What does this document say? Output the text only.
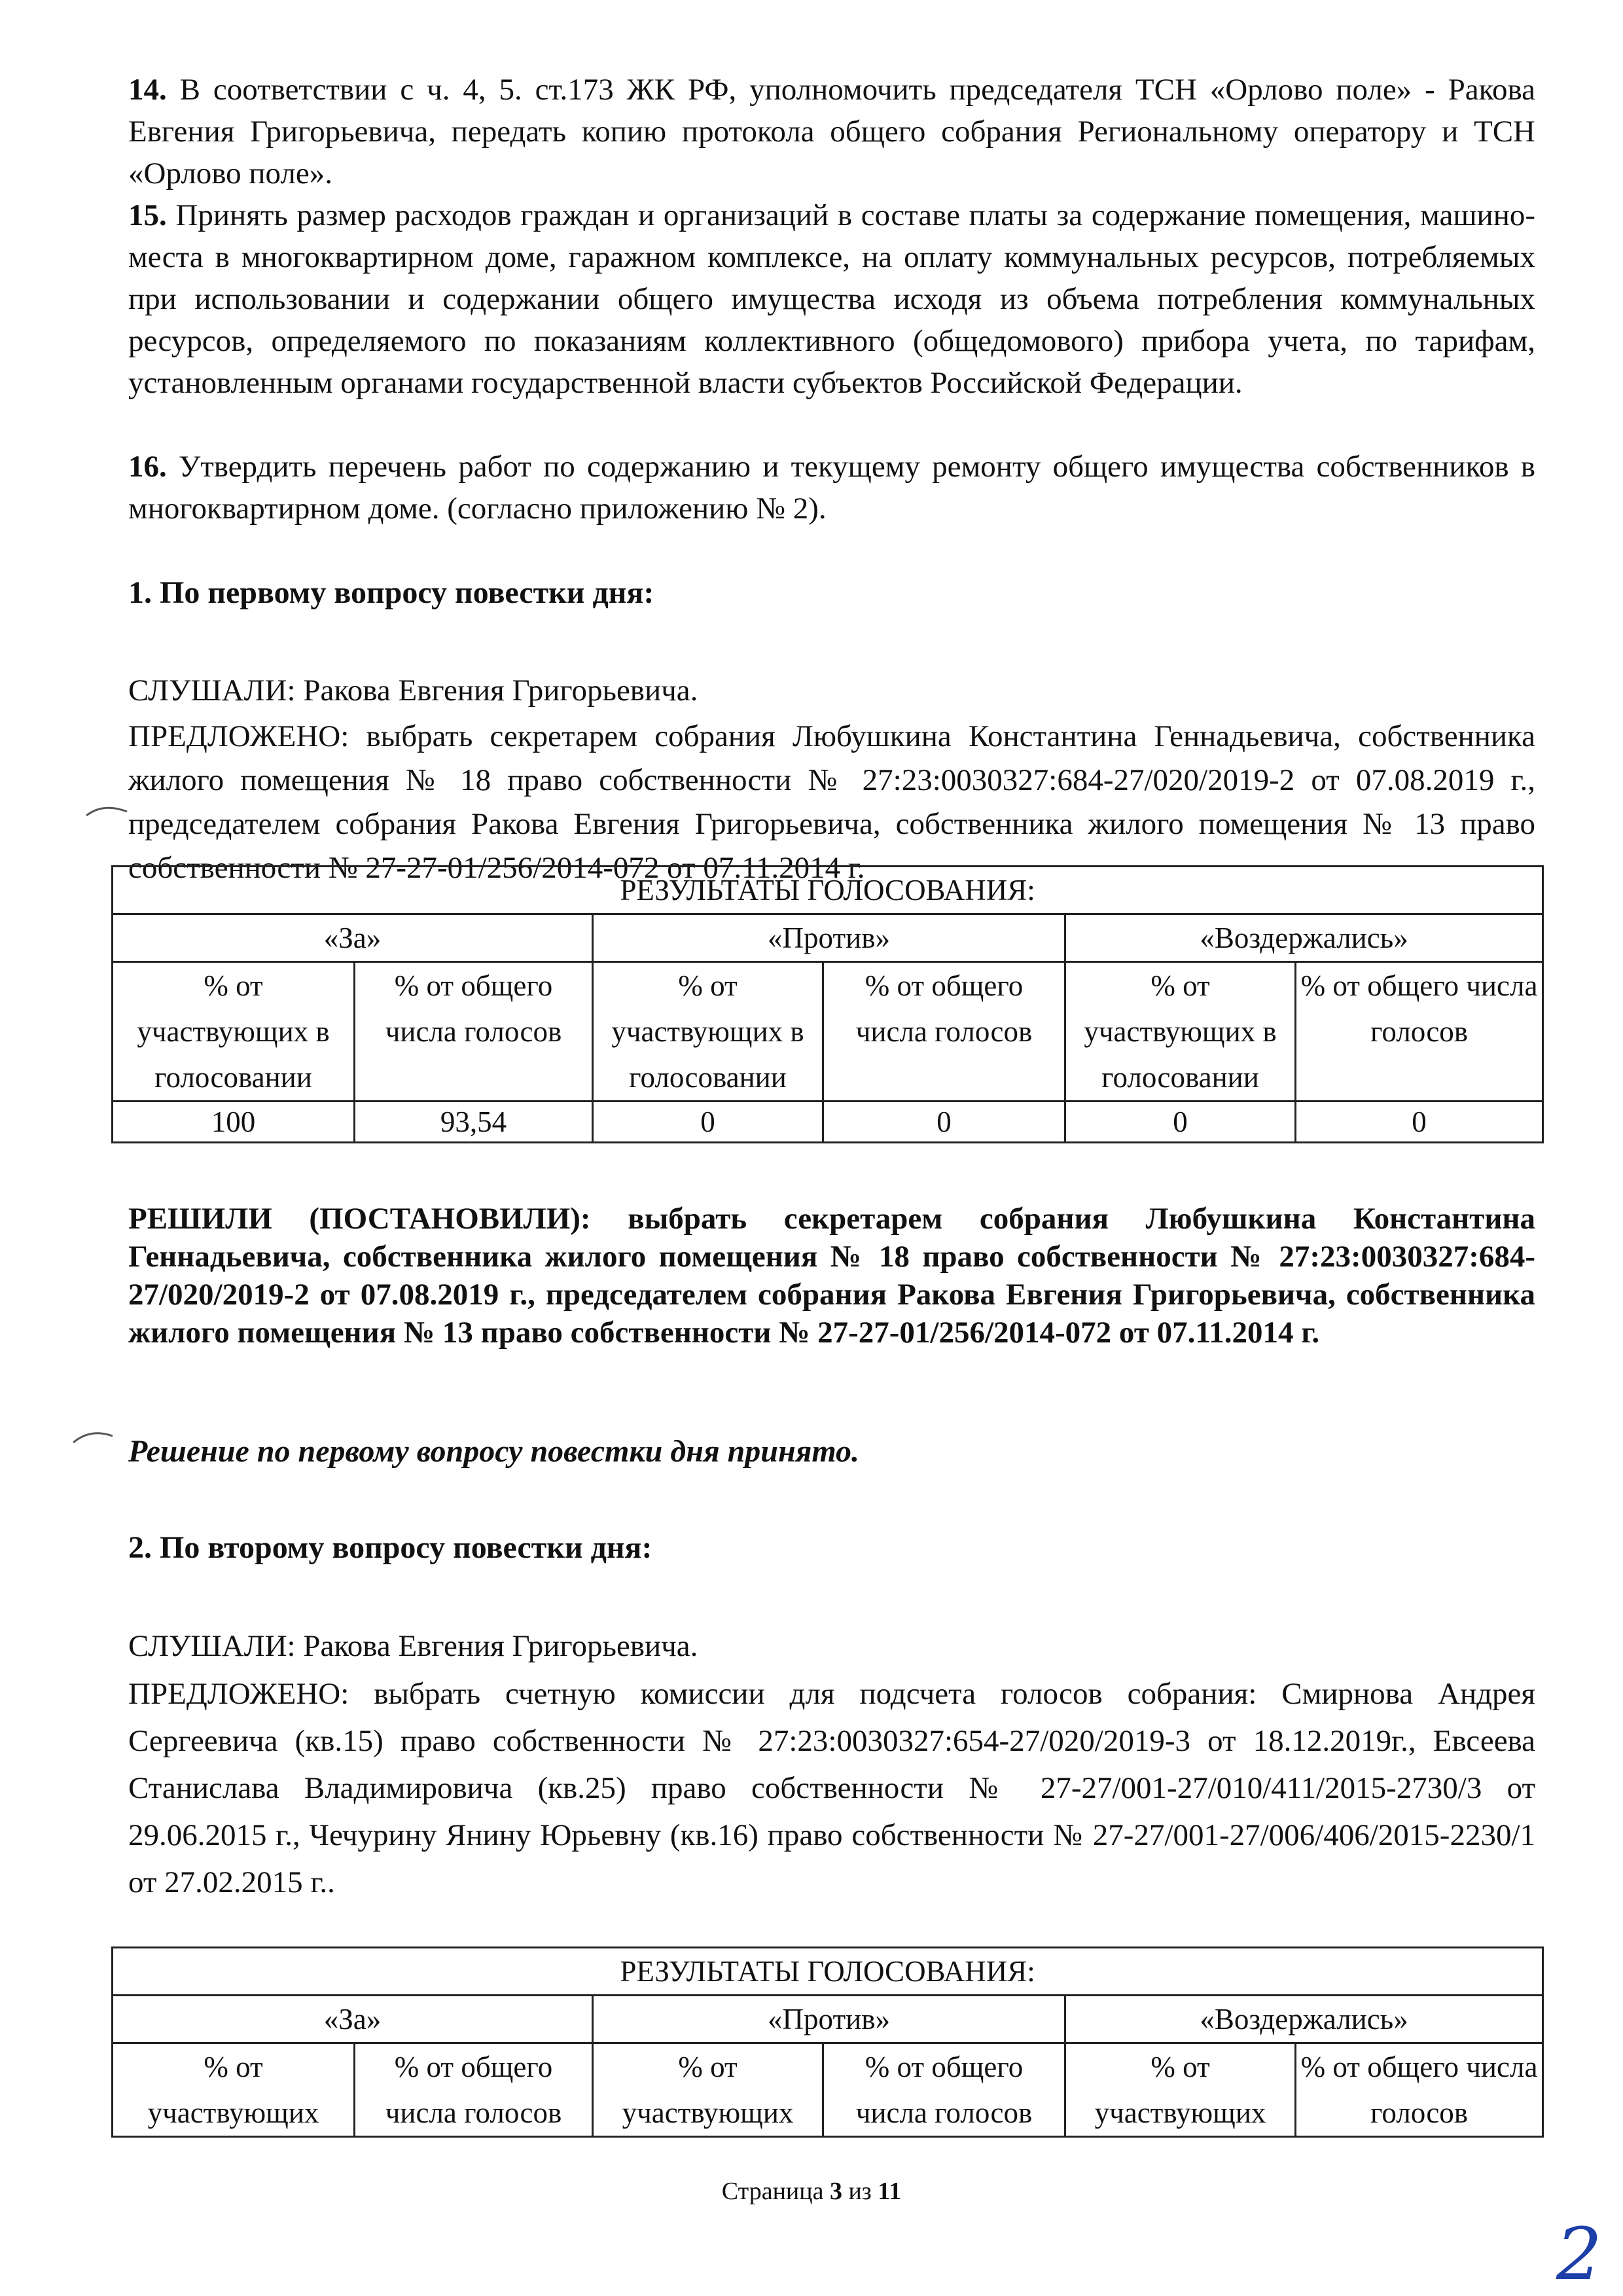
14. В соответствии с ч. 4, 5. ст.173 ЖК РФ, уполномочить председателя ТСН «Орлово поле» - Ракова Евгения Григорьевича, передать копию протокола общего собрания Региональному оператору и ТСН «Орлово поле».

15. Принять размер расходов граждан и организаций в составе платы за содержание помещения, машино-места в многоквартирном доме, гаражном комплексе, на оплату коммунальных ресурсов, потребляемых при использовании и содержании общего имущества исходя из объема потребления коммунальных ресурсов, определяемого по показаниям коллективного (общедомового) прибора учета, по тарифам, установленным органами государственной власти субъектов Российской Федерации.

16. Утвердить перечень работ по содержанию и текущему ремонту общего имущества собственников в многоквартирном доме. (согласно приложению № 2).

1. По первому вопросу повестки дня:

СЛУШАЛИ: Ракова Евгения Григорьевича.

ПРЕДЛОЖЕНО: выбрать секретарем собрания Любушкина Константина Геннадьевича, собственника жилого помещения № 18 право собственности № 27:23:0030327:684-27/020/2019-2 от 07.08.2019 г., председателем собрания Ракова Евгения Григорьевича, собственника жилого помещения № 13 право собственности № 27-27-01/256/2014-072 от 07.11.2014 г.

РЕЗУЛЬТАТЫ ГОЛОСОВАНИЯ:					
«За»		«Против»		«Воздержались»	
% от участвующих в голосовании	% от общего числа голосов	% от участвующих в голосовании	% от общего числа голосов	% от участвующих в голосовании	% от общего числа голосов
100	93,54	0	0	0	0

РЕШИЛИ (ПОСТАНОВИЛИ): выбрать секретарем собрания Любушкина Константина Геннадьевича, собственника жилого помещения № 18 право собственности № 27:23:0030327:684-27/020/2019-2 от 07.08.2019 г., председателем собрания Ракова Евгения Григорьевича, собственника жилого помещения № 13 право собственности № 27-27-01/256/2014-072 от 07.11.2014 г.

Решение по первому вопросу повестки дня принято.

2. По второму вопросу повестки дня:

СЛУШАЛИ: Ракова Евгения Григорьевича.

ПРЕДЛОЖЕНО: выбрать счетную комиссии для подсчета голосов собрания: Смирнова Андрея Сергеевича (кв.15) право собственности № 27:23:0030327:654-27/020/2019-3 от 18.12.2019г., Евсеева Станислава Владимировича (кв.25) право собственности № 27-27/001-27/010/411/2015-2730/3 от 29.06.2015 г., Чечурину Янину Юрьевну (кв.16) право собственности № 27-27/001-27/006/406/2015-2230/1 от 27.02.2015 г..

РЕЗУЛЬТАТЫ ГОЛОСОВАНИЯ:					
«За»		«Против»		«Воздержались»	
% от участвующих	% от общего числа голосов	% от участвующих	% от общего числа голосов	% от участвующих	% от общего числа голосов
Страница 3 из 11
2
